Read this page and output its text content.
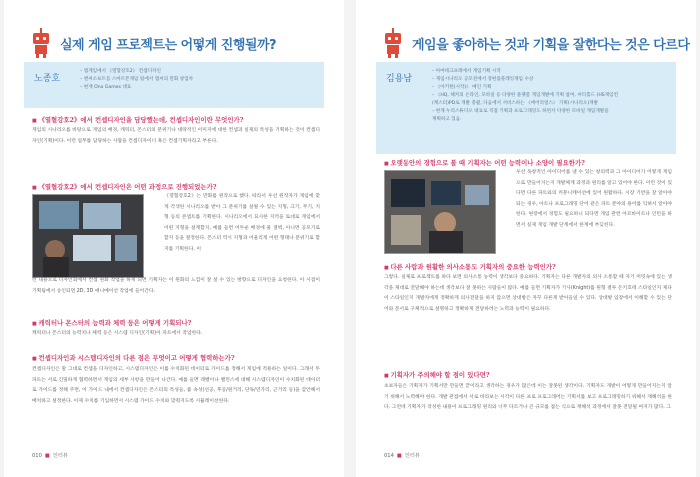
실제 게임 프로젝트는 어떻게 진행될까?
노종호
– 엠게임에서 《열혈강호2》 컨셉디자인
– 엔씨소프트를 스마트폰게임 팀에서 엠씨의 만화 창업차
– 현재 Ono Games 대표
■ 《열혈강호2》에서 컨셉디자인을 담당했는데, 컨셉디자인이란 무엇인가?
게임의 시나리오를 바탕으로 게임의 배경, 캐릭터, 몬스터의 분위기나 대략적인 이미지에 대한 컨셉과 실제의 특성을 기획하는 것이 컨셉디자인(기획)이다. 이런 업무를 담당하는 사람을 컨셉디자이너 혹은 컨셉기획자라고 부른다.
■ 《열혈강호2》에서 컨셉디자인은 어떤 과정으로 진행되었는가?
《열혈강호2》는 만화를 원작으로 했다. 따라서 우선 원작자가 게임에 맞게 각색한 시나리오를 받아 그 분위기를 살릴 수 있는 지형, 크기, 무기, 지형 등의 콘셉트를 기획한다. 시나리오에서 묘사한 지역을 토대로 게임에서 어떤 지형을 설계할지, 예를 들면 어두운 배경에 물 절벽, 아니면 공포기로 할지 등을 결정한다. 몬스터 역시 지형과 어울리게 어떤 형태나 분위기로 할지를 기획한다. 이
런 내용으로 디자인회에서 컨셉 원화 작업을 하게 되면 기획자는 이 원화의 느낌이 잘 살 수 있는 방향으로 디자인을 요청한다. 이 시점이 기획팀에서 승인되면 2D, 3D 애니메이션 작업에 들어간다.
■ 캐릭터나 몬스터의 능력과 체력 등은 어떻게 기획되나?
캐릭터나 몬스터의 능력치나 체력 등은 시스템 디자인(기획)이 파트에서 작업한다.
■ 컨셉디자인과 시스템디자인의 다른 점은 무엇이고 어떻게 협력하는가?
컨셉디자인은 말 그대로 컨셉을 디자인하고, 시스템디자인은 이를 수치화된 데이터로 가이드를 정해서 게임에 적용하는 일이다. 그래서 두 파트는 서로 긴밀하게 협력하면서 게임의 세부 사항을 만들어 나간다. 예를 들면 레벨이나 밸런스에 대해 시스템디자인이 수치화된 데이터로 가이드를 정해 주면, 이 가이드 내에서 컨셉디자인은 몬스터의 특성들, 몹 속성(선공, 후공/원거리, 단독/연가리, 근거리 등)을 감안해서 배치하고 설정한다. 이제 수치를 기입하면서 시스템 가이드 수치와 맞춰지도록 시뮬레이션한다.
010 ■ 인터뷰
게임을 좋아하는 것과 기획을 잘한다는 것은 다르다
김용남
– 아마테크프레에서 게임기획 시작
– 게임시나리오 공모전에서 장편롤플레잉게임 수상
– 《아키한(시작)》 메인 기획
– 《HQ, 해커의 온라인, 모바일 등 다양한 플랫폼 게임개발에 기획 참여, 씨티홀드 (HS게임컨
(캐스터)PD로 개발 총괄, 다음에서 서비스하는 《에어리얼스》 기획(시나리오)개발
– 현재 누리스튜디오 대표로 직접 기획과 프로그래밍도 하면서 다양한 모바일 게임개발을
계획하고 있음.
■ 오랫동안의 경험으로 볼 때 기획자는 어떤 능력이나 소양이 필요한가?
우선 독창적인 아이디어를 낼 수 있는 창의력과 그 아이디어가 어떻게 게임으로 만들어지는지 개발체계 과정과 원리를 알고 있어야 한다. 이런 것이 있다면 다른 파트와의 커뮤니케이션에 있어 원활하다. 시장 기반을 잘 알아야 되는 경우, 아트나 프로그래밍 단어 같은 파트 분야의 용어를 익혀서 알아야 한다. 현장에서 경험도 필요하니 되다면 게임 관련 아르바이트나 인턴을 하면서 실제 게임 개발 단계에서 한계에 부딪힌다.
■ 다른 사람과 원활한 의사소통도 기획자의 중요한 능력인가?
그렇다. 실제로 프로젝트를 하다 보면 의사소통 능력이 생각보다 중요하다. 기획자는 다른 개발자의 의사 소통할 때 자기 머릿속에 있는 생각을 제대로 전달해야 하는데 생각보다 잘 못하는 사람들이 많다. 예를 들면 기획자가 기사(Knight)를 원형 결투 돈키호테 스타일인지 제다이 스타일인지 개발자에게 정확하게 의사전달을 하지 않으면 상대방은 자꾸 다른게 받아들일 수 있다. 상대방 입장에서 이해할 수 있는 단어와 문서로 구체적으로 설명하고 정확하게 전달하려는 노력과 능력이 필요하다.
■ 기획자가 주의해야 할 점이 있다면?
초보자들은 기획자가 기획서만 만들면 끝이라고 생각하는 경우가 많은데 이는 잘못된 생각이다. 기획자도 개발이 어떻게 만들어지는지 알기 위해서 노력해야 한다. 개발 관점에서 서로 바라보는 시각이 다른 프로 프로그래머는 기획서를 보고 프로그래밍하기 위해서 재해석을 한다. 그런데 기획자가 작성한 내용이 프로그래밍 원리와 너무 다르거나 큰 규모를 잡는 식으로 재해석 과정에서 잘못 전달될 여지가 많다. 그
014 ■ 인터뷰
